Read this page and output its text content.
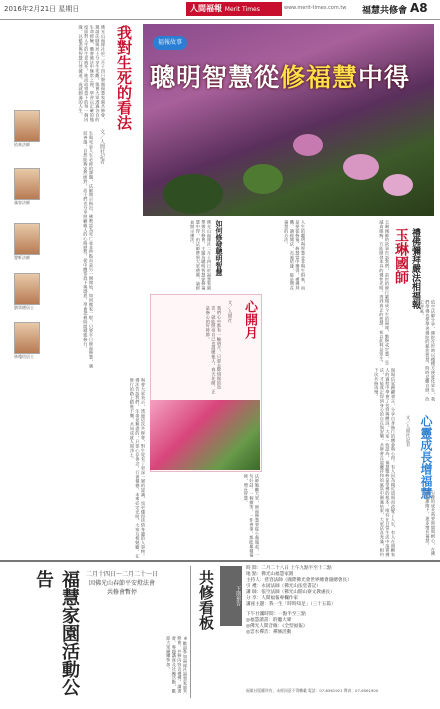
2016年2月21日 星期日	人間福報 Merit Times	www.merit-times.com.tw 福慧共修會 A8
佛光山福報社於二月十四日舉辦福慧家園共修會，邀請法師與居士分享生死觀。與會大眾透過各自的生命經驗，體會佛法中無常之理，學習以正確的態度面對人生的生老病死，進而珍惜當下的每一個因緣，以慈悲與智慧行菩薩道，成就圓滿的人生。	我對生死的看法
文／人間社記者
生與死是人生必經的課題，法師開示指出，佛教認為死亡並非終點而是另一個開始，如同搬家一般，只要平日修福修慧，廣結善緣，自然能夠安然面對。居士們也分享照顧親人的心路歷程，從中體悟放下與感恩，學會把握時間精進修行。
依來法師
滿容法師
覺軒法師
劉寧德居士
林瓊瑄居士
福報故事
聰明智慧從修福慧中得
佛光山福報社二月十四日於福慧家園舉辦共修會，主題為聰明智慧從修福慧中得，由法師帶領大眾禮佛、誦經並開示佛法。	如何修發聰明智慧	人生的聰明與智慧並非與生俱來，而是要從修福、修慧當中獲得，禮佛拜懺、讀經聞法、布施結緣，都是增長福慧的方法。	玉琳國師的故事告訴我們，前世的修行累積成今生的福報，勤修戒定慧，息滅貪瞋痴，方能開發本具的佛性光明，得到真正的智慧，並以此利益眾生。 玉琳國師 禮佛彌拜嚴法相福報
依空法師分享，佛陀在世時以種種方便度化眾生，我們學佛也要學習佛陀的慈悲智慧，時時反觀自照，改正習氣。
心開月
文／人間社
我們心中都有一輪明月，只要去除煩惱的烏雲，就能照亮自己也溫暖他人。春天花開，正是修心的好時節。
現場信眾踴躍發言，分享自身修行的體會與心得。有人因為親近道場而改變了人生，有人在照顧家人的過程中學會了包容與體諒。大家一致認為，福慧雙修是學佛的根本，唯有在日常生活中落實佛法，才能真正得到身心的自在與安樂。共修會在溫馨祥和的氣氛中圓滿結束，大眾法喜充滿，相約下次共修再聚。
法師勉勵大眾，修福修慧要從小處做起，一句好話、一個微笑、一件善事，都能累積福報，增長智慧。
與會大眾表示，透過這次共修會，對生死有了更深一層的認識，也更懂得珍惜身邊的人事物。佛法告訴我們，生命是無盡的，只要心存善念，行善積德，未來必定光明。大家互相勉勵，在修行的路上精進不懈，共同成就人間淨土。	心靈成長增福慧
文／人間社記者
心靈的成長需要時間與耐心，在佛法的薰陶下，逐步增長福慧。
福慧家園活動公告	二月十四日～二月二十一日
因佛光山春節平安燈法會
共修會暫停
※歡迎參加福報社福慧家園共修會，共修內容含禮佛、讀書會、專題講座及社團活動，歡迎大眾踴躍參加。
共修看板	下期預告
時 間：二月二十八日 上午九點半至十二點
地 點：佛光山福慧家園
主持人：慈容法師（國際佛光會世界總會副總會長）
引 禮：永固法師（佛光山法堂書記）
講 師：依空法師（佛光山開山寮文教處長）
分 享：人間福報專欄作家
講座主題：我一生「時時知足」（三十五篇）
下午社團時間：一點半至三點
◎福慧讀書：聆聽大眾
◎佛光人間音緣：《全型福報》
◎雲水禪音：禪修活動
福報社版權所有，未經同意不得轉載 電話：07-6561921 傳真：07-6561900
